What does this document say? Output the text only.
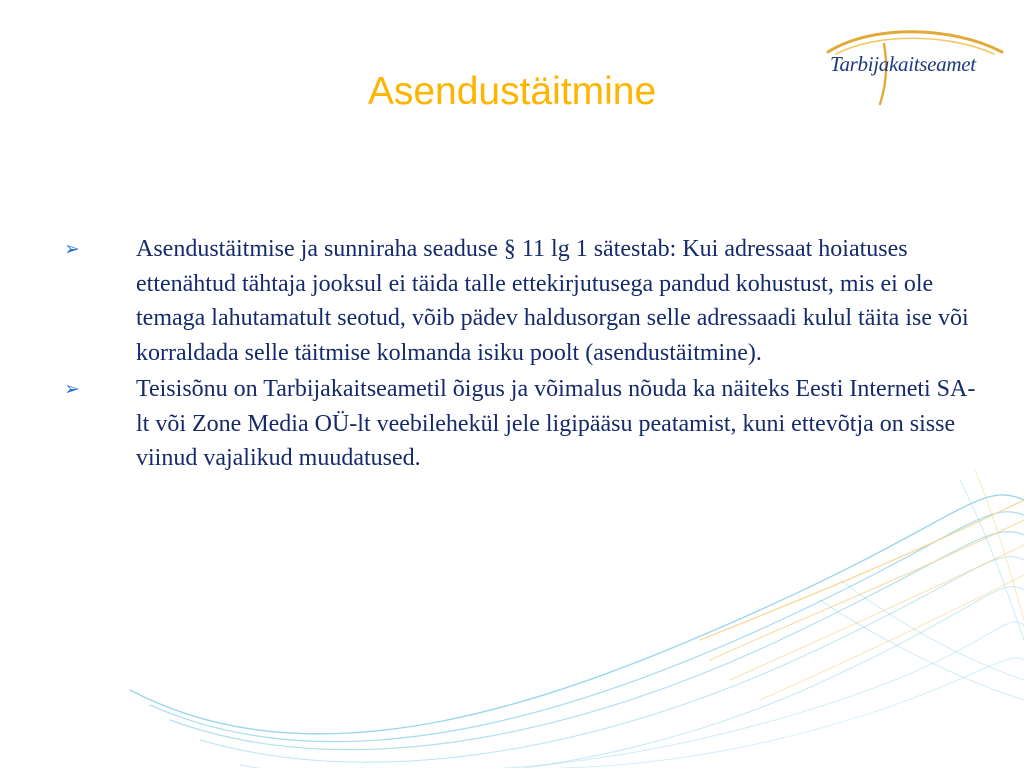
Tarbijakaitseamet
Asendustäitmine
➢ Asendustäitmise ja sunniraha seaduse § 11 lg 1 sätestab: Kui adressaat hoiatuses ettenähtud tähtaja jooksul ei täida talle ettekirjutusega pandud kohustust, mis ei ole temaga lahutamatult seotud, võib pädev haldusorgan selle adressaadi kulul täita ise või korraldada selle täitmise kolmanda isiku poolt (asendustäitmine).
➢ Teisisõnu on Tarbijakaitseametil õigus ja võimalus nõuda ka näiteks Eesti Interneti SA-lt või Zone Media OÜ-lt veebilehekül jele ligipääsu peatamist, kuni ettevõtja on sisse viinud vajalikud muudatused.
